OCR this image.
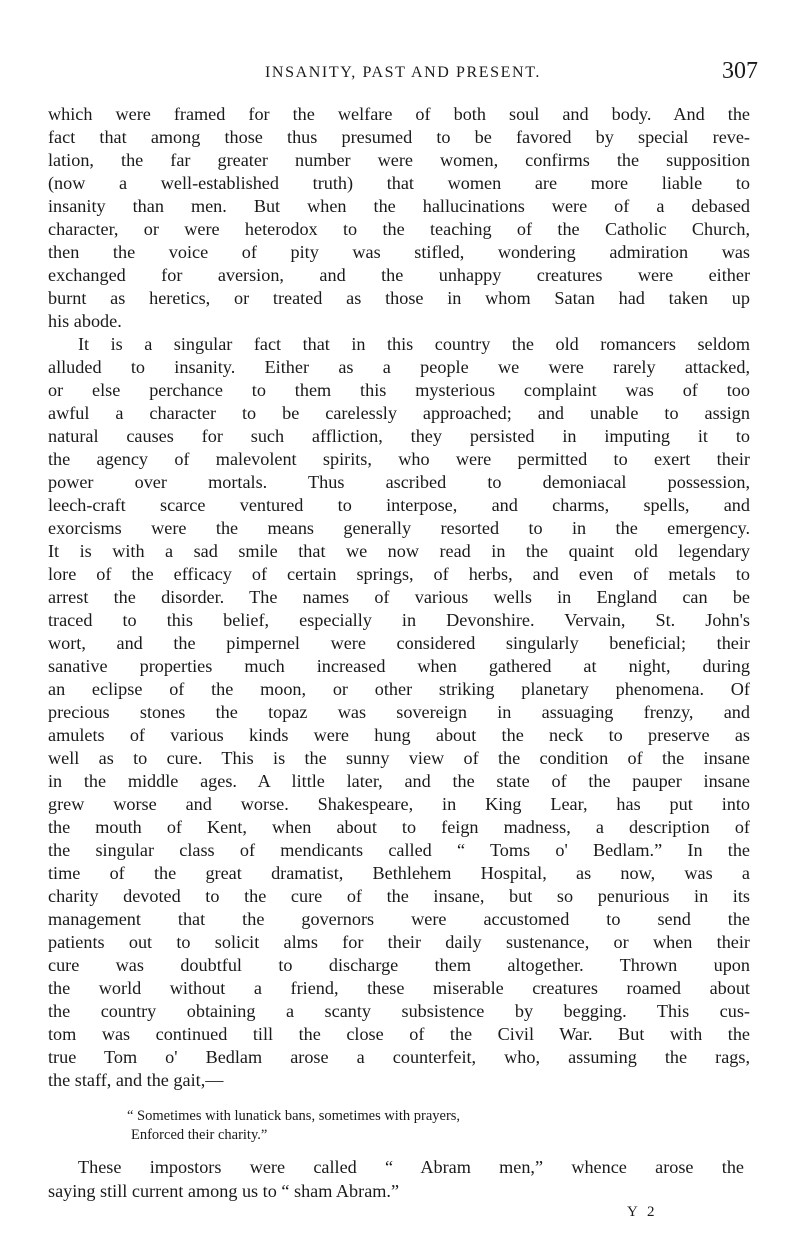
INSANITY, PAST AND PRESENT.	307
which were framed for the welfare of both soul and body. And the
fact that among those thus presumed to be favored by special reve-
lation, the far greater number were women, confirms the supposition
(now a well-established truth) that women are more liable to
insanity than men. But when the hallucinations were of a debased
character, or were heterodox to the teaching of the Catholic Church,
then the voice of pity was stifled, wondering admiration was
exchanged for aversion, and the unhappy creatures were either
burnt as heretics, or treated as those in whom Satan had taken up
his abode.
It is a singular fact that in this country the old romancers seldom
alluded to insanity. Either as a people we were rarely attacked,
or else perchance to them this mysterious complaint was of too
awful a character to be carelessly approached; and unable to assign
natural causes for such affliction, they persisted in imputing it to
the agency of malevolent spirits, who were permitted to exert their
power over mortals. Thus ascribed to demoniacal possession,
leech-craft scarce ventured to interpose, and charms, spells, and
exorcisms were the means generally resorted to in the emergency.
It is with a sad smile that we now read in the quaint old legendary
lore of the efficacy of certain springs, of herbs, and even of metals to
arrest the disorder. The names of various wells in England can be
traced to this belief, especially in Devonshire. Vervain, St. John's
wort, and the pimpernel were considered singularly beneficial; their
sanative properties much increased when gathered at night, during
an eclipse of the moon, or other striking planetary phenomena. Of
precious stones the topaz was sovereign in assuaging frenzy, and
amulets of various kinds were hung about the neck to preserve as
well as to cure. This is the sunny view of the condition of the insane
in the middle ages. A little later, and the state of the pauper insane
grew worse and worse. Shakespeare, in King Lear, has put into
the mouth of Kent, when about to feign madness, a description of
the singular class of mendicants called “ Toms o' Bedlam.” In the
time of the great dramatist, Bethlehem Hospital, as now, was a
charity devoted to the cure of the insane, but so penurious in its
management that the governors were accustomed to send the
patients out to solicit alms for their daily sustenance, or when their
cure was doubtful to discharge them altogether. Thrown upon
the world without a friend, these miserable creatures roamed about
the country obtaining a scanty subsistence by begging. This cus-
tom was continued till the close of the Civil War. But with the
true Tom o' Bedlam arose a counterfeit, who, assuming the rags,
the staff, and the gait,—
“ Sometimes with lunatick bans, sometimes with prayers,
Enforced their charity.”
These impostors were called “ Abram men,” whence arose the
saying still current among us to “ sham Abram.”
Y 2
